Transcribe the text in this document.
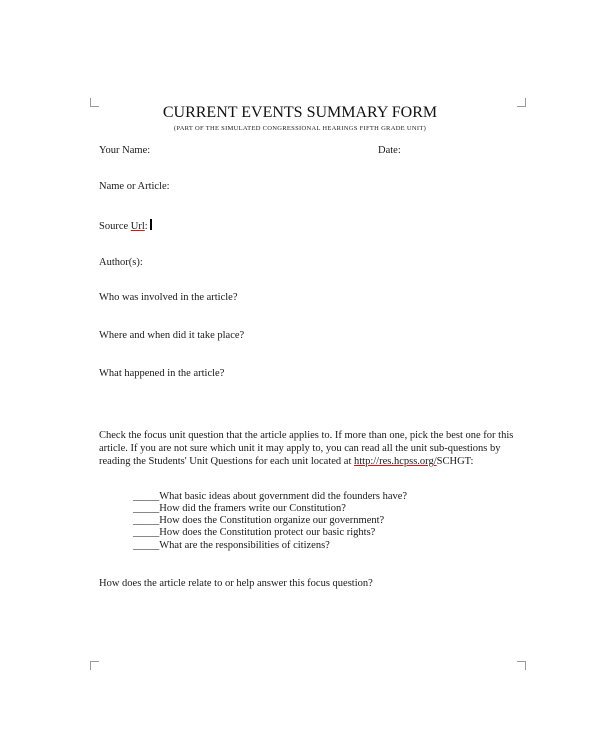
CURRENT EVENTS SUMMARY FORM
(PART OF THE SIMULATED CONGRESSIONAL HEARINGS FIFTH GRADE UNIT)
Your Name:	Date:
Name or Article:
Source Url:
Author(s):
Who was involved in the article?
Where and when did it take place?
What happened in the article?
Check the focus unit question that the article applies to. If more than one, pick the best one for this article. If you are not sure which unit it may apply to, you can read all the unit sub-questions by reading the Students' Unit Questions for each unit located at http://res.hcpss.org/SCHGT:
_____What basic ideas about government did the founders have?
_____How did the framers write our Constitution?
_____How does the Constitution organize our government?
_____How does the Constitution protect our basic rights?
_____What are the responsibilities of citizens?
How does the article relate to or help answer this focus question?
